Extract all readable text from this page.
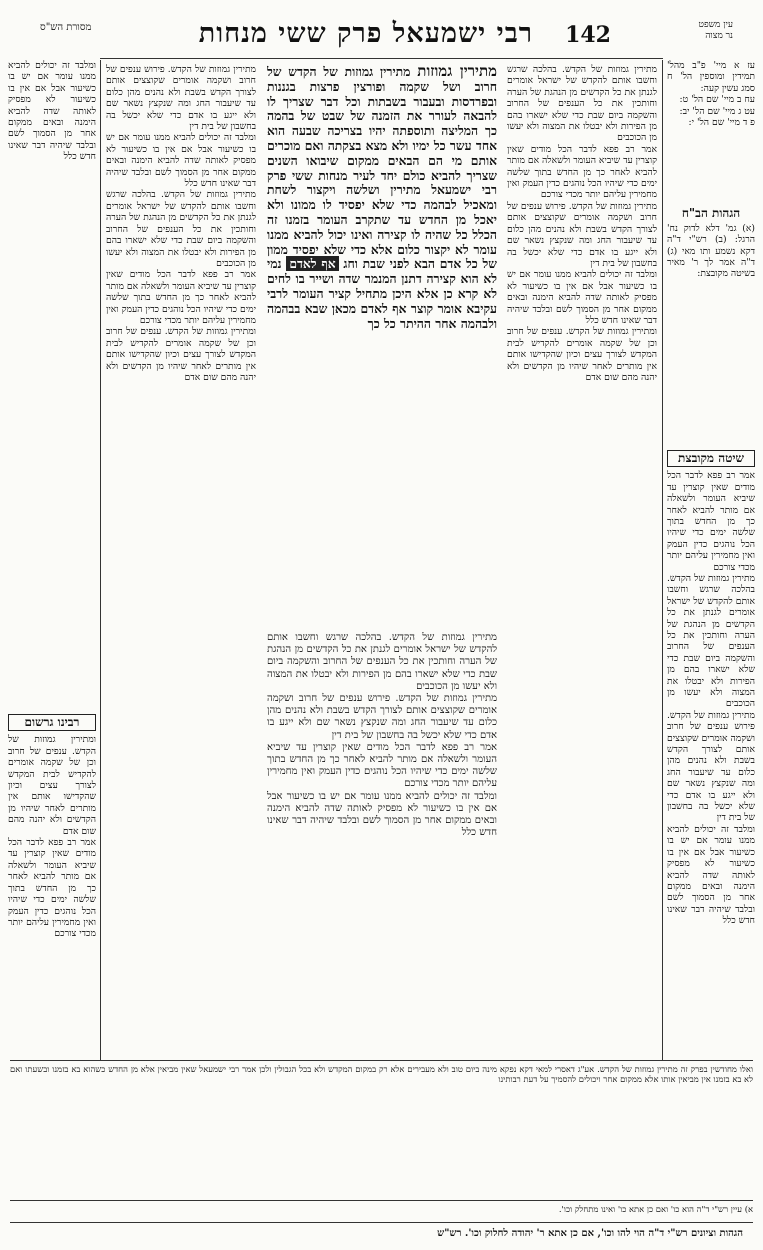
142
רבי ישמעאל פרק ששי מנחות
מסורת הש"ס	עין משפט
נר מצוה
עז א מיי' פ"ב מהל' תמידין ומוספין הל' ח סמג עשין קעה:
עח ב מיי' שם הל' ט:
עט ג מיי' שם הל' יב:
פ ד מיי' שם הל' י:
הגהות הב"ח
(א) גמ' דלא לדוק נח' הרגל: (ב) רש"י ד"ה דקא נשמע ותו מאי (ג) ד"ה אמר לך ר' מאיר בשיטה מקובצת:
שיטה מקובצת
אמר רב פפא לדבר הכל מודים שאין קוצרין עד שיביא העומר ולשאלה אם מותר להביא לאחר כך מן החדש בתוך שלשה ימים כדי שיהיו הכל נוהגים כדין העמק ואין מחמירין עליהם יותר מכדי צורכם
מתירין גמוזות של הקדש. בהלכה שרגש וחשבו אותם להקדש של ישראל אומרים לגנתן את כל הקדשים מן הנהגת של הערה וחותכין את כל הענפים של החרוב והשקמה ביום שבת כדי שלא ישארו בהם מן הפירות ולא יבטלו את המצוה ולא יעשו מן הכוכבים
מתירין גמוזות של הקדש. פירוש ענפים של חרוב ושקמה אומרים שקוצצים אותם לצורך הקדש בשבת ולא נהנים מהן כלום עד שיעבור החג ומה שנקצץ נשאר שם ולא ייגע בו אדם כדי שלא יכשל בה בחשבון של בית דין
ומלבד זה יכולים להביא ממנו עומר אם יש בו כשיעור אבל אם אין בו כשיעור לא מפסיק לאותה שדה להביא הימנה ובאים ממקום אחר מן הסמוך לשם ובלבד שיהיה דבר שאינו חדש כלל
מתירין גמוזות של הקדש. בהלכה שרגש וחשבו אותם להקדש של ישראל אומרים לגנתן את כל הקדשים מן הנהגת של הערה וחותכין את כל הענפים של החרוב והשקמה ביום שבת כדי שלא ישארו בהם מן הפירות ולא יבטלו את המצוה ולא יעשו מן הכוכבים
אמר רב פפא לדבר הכל מודים שאין קוצרין עד שיביא העומר ולשאלה אם מותר להביא לאחר כך מן החדש בתוך שלשה ימים כדי שיהיו הכל נוהגים כדין העמק ואין מחמירין עליהם יותר מכדי צורכם
מתירין גמוזות של הקדש. פירוש ענפים של חרוב ושקמה אומרים שקוצצים אותם לצורך הקדש בשבת ולא נהנים מהן כלום עד שיעבור החג ומה שנקצץ נשאר שם ולא ייגע בו אדם כדי שלא יכשל בה בחשבון של בית דין
ומלבד זה יכולים להביא ממנו עומר אם יש בו כשיעור אבל אם אין בו כשיעור לא מפסיק לאותה שדה להביא הימנה ובאים ממקום אחר מן הסמוך לשם ובלבד שיהיה דבר שאינו חדש כלל
ומתירין גמוזות של הקדש. ענפים של חרוב וכן של שקמה אומרים להקדיש לבית המקדש לצורך עצים וכיון שהקדישו אותם אין מותרים לאחר שיהיו מן הקדשים ולא יהנה מהם שום אדם
מתירין גמוזות מתירין גמוזות של הקדש של חרוב ושל שקמה ופורצין פרצות בגננות ובפרדסות ובעבור בשבתות וכל דבר שצריך לו להבאה לעורר את הזמנה של שבט של בהמה כך המליצה ותוספתה יהיו בצריכה שבעה הוא אחד עשר כל ימיו ולא מצא בצקתה ואם מוכרים אותם מי הם הבאים ממקום שיבואו השנים שצריך להביא כולם יחד לעיר מנחות ששי פרק רבי ישמעאל מתירין ושלשה ויקצור לשחת ומאכיל לבהמה כדי שלא יפסיד לו ממונו ולא יאכל מן החדש עד שתקרב העומר בזמנו זה הכלל כל שהיה לו קצירה ואינו יכול להביא ממנו עומר לא יקצור כלום אלא כדי שלא יפסיד ממון של כל אדם הבא לפני שבת וחג אף לאדם נמי לא הוא קצירה דתנן המנמר שדה ושייר בו לחים לא קרא כן אלא היכן מתחיל קציר העומר לרבי עקיבא אומר קוצר אף לאדם מכאן שבא בבהמה ולבהמה אחר ההיתר כל כך
מתירין גמוזות של הקדש. פירוש ענפים של חרוב ושקמה אומרים שקוצצים אותם לצורך הקדש בשבת ולא נהנים מהן כלום עד שיעבור החג ומה שנקצץ נשאר שם ולא ייגע בו אדם כדי שלא יכשל בה בחשבון של בית דין
ומלבד זה יכולים להביא ממנו עומר אם יש בו כשיעור אבל אם אין בו כשיעור לא מפסיק לאותה שדה להביא הימנה ובאים ממקום אחר מן הסמוך לשם ובלבד שיהיה דבר שאינו חדש כלל
מתירין גמוזות של הקדש. בהלכה שרגש וחשבו אותם להקדש של ישראל אומרים לגנתן את כל הקדשים מן הנהגת של הערה וחותכין את כל הענפים של החרוב והשקמה ביום שבת כדי שלא ישארו בהם מן הפירות ולא יבטלו את המצוה ולא יעשו מן הכוכבים
אמר רב פפא לדבר הכל מודים שאין קוצרין עד שיביא העומר ולשאלה אם מותר להביא לאחר כך מן החדש בתוך שלשה ימים כדי שיהיו הכל נוהגים כדין העמק ואין מחמירין עליהם יותר מכדי צורכם
ומתירין גמוזות של הקדש. ענפים של חרוב וכן של שקמה אומרים להקדיש לבית המקדש לצורך עצים וכיון שהקדישו אותם אין מותרים לאחר שיהיו מן הקדשים ולא יהנה מהם שום אדם
ומלבד זה יכולים להביא ממנו עומר אם יש בו כשיעור אבל אם אין בו כשיעור לא מפסיק לאותה שדה להביא הימנה ובאים ממקום אחר מן הסמוך לשם ובלבד שיהיה דבר שאינו חדש כלל
רבינו גרשום
ומתירין גמוזות של הקדש. ענפים של חרוב וכן של שקמה אומרים להקדיש לבית המקדש לצורך עצים וכיון שהקדישו אותם אין מותרים לאחר שיהיו מן הקדשים ולא יהנה מהם שום אדם
אמר רב פפא לדבר הכל מודים שאין קוצרין עד שיביא העומר ולשאלה אם מותר להביא לאחר כך מן החדש בתוך שלשה ימים כדי שיהיו הכל נוהגים כדין העמק ואין מחמירין עליהם יותר מכדי צורכם
מתירין גמוזות של הקדש. בהלכה שרגש וחשבו אותם להקדש של ישראל אומרים לגנתן את כל הקדשים מן הנהגת של הערה וחותכין את כל הענפים של החרוב והשקמה ביום שבת כדי שלא ישארו בהם מן הפירות ולא יבטלו את המצוה ולא יעשו מן הכוכבים
מתירין גמוזות של הקדש. פירוש ענפים של חרוב ושקמה אומרים שקוצצים אותם לצורך הקדש בשבת ולא נהנים מהן כלום עד שיעבור החג ומה שנקצץ נשאר שם ולא ייגע בו אדם כדי שלא יכשל בה בחשבון של בית דין
אמר רב פפא לדבר הכל מודים שאין קוצרין עד שיביא העומר ולשאלה אם מותר להביא לאחר כך מן החדש בתוך שלשה ימים כדי שיהיו הכל נוהגים כדין העמק ואין מחמירין עליהם יותר מכדי צורכם
ומלבד זה יכולים להביא ממנו עומר אם יש בו כשיעור אבל אם אין בו כשיעור לא מפסיק לאותה שדה להביא הימנה ובאים ממקום אחר מן הסמוך לשם ובלבד שיהיה דבר שאינו חדש כלל
ואלו מחודשין בפרק זה מתירין גמוזות של הקדש. אע"ג דאסרי למאי דקא נפקא מינה ביום טוב ולא מעבירים אלא רק במקום המקדש ולא בכל הגבולין ולכן אמר רבי ישמעאל שאין מביאין אלא מן החדש כשהוא בא בזמנו ובשעתו ואם לא בא בזמנו אין מביאין אותו אלא ממקום אחר ויכולים להסמיך על דעת רבותינו
א) עיין רש"י ד"ה הוא כו' ואם כן אתא כו' ואינו מתחלק וכו'.
הגהות וציונים רש"י ד"ה הוי להו וכו', אם כן אתא ר' יהודה לחלוק וכו'. רש"ש
